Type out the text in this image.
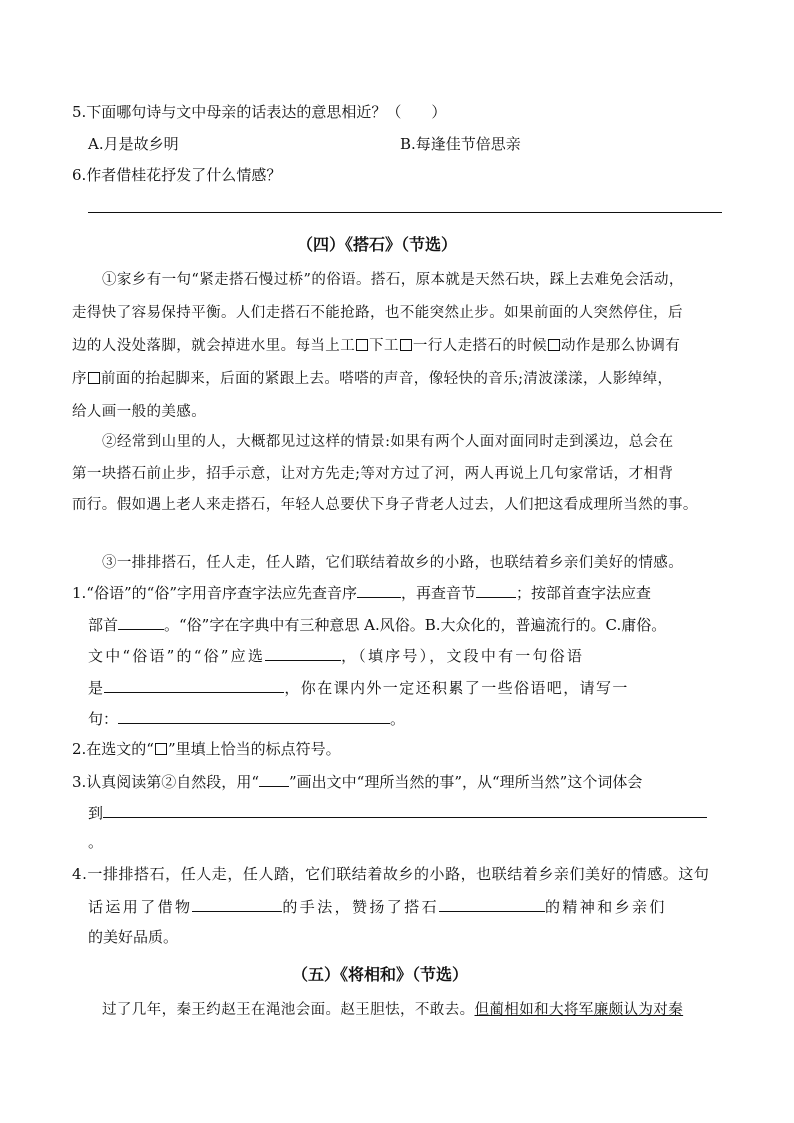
5.下面哪句诗与文中母亲的话表达的意思相近？（　　）
A.月是故乡明	B.每逢佳节倍思亲
6.作者借桂花抒发了什么情感？
（四）《搭石》（节选）
①家乡有一句“紧走搭石慢过桥”的俗语。搭石，原本就是天然石块，踩上去难免会活动，
走得快了容易保持平衡。人们走搭石不能抢路，也不能突然止步。如果前面的人突然停住，后
边的人没处落脚，就会掉进水里。每当上工 下工 一行人走搭石的时候 动作是那么协调有
序 前面的抬起脚来，后面的紧跟上去。嗒嗒的声音，像轻快的音乐;清波漾漾，人影绰绰，
给人画一般的美感。
②经常到山里的人，大概都见过这样的情景:如果有两个人面对面同时走到溪边，总会在
第一块搭石前止步，招手示意，让对方先走;等对方过了河，两人再说上几句家常话，才相背
而行。假如遇上老人来走搭石，年轻人总要伏下身子背老人过去，人们把这看成理所当然的事。
③一排排搭石，任人走，任人踏，它们联结着故乡的小路，也联结着乡亲们美好的情感。
1.“俗语”的“俗”字用音序查字法应先查音序	，再查音节	；按部首查字法应查
部首	。“俗”字在字典中有三种意思 A.风俗。B.大众化的，普遍流行的。C.庸俗。
文中“俗语”的“俗”应选	，（填序号），文段中有一句俗语
是	，你在课内外一定还积累了一些俗语吧，请写一
句：	。
2.在选文的“ ”里填上恰当的标点符号。
3.认真阅读第②自然段，用“ ”画出文中“理所当然的事”，从“理所当然”这个词体会
到
。
4.一排排搭石，任人走，任人踏，它们联结着故乡的小路，也联结着乡亲们美好的情感。这句
话运用了借物	的手法，赞扬了搭石	的精神和乡亲们
的美好品质。
（五）《将相和》（节选）
过了几年，秦王约赵王在渑池会面。赵王胆怯，不敢去。但蔺相如和大将军廉颇认为对秦
